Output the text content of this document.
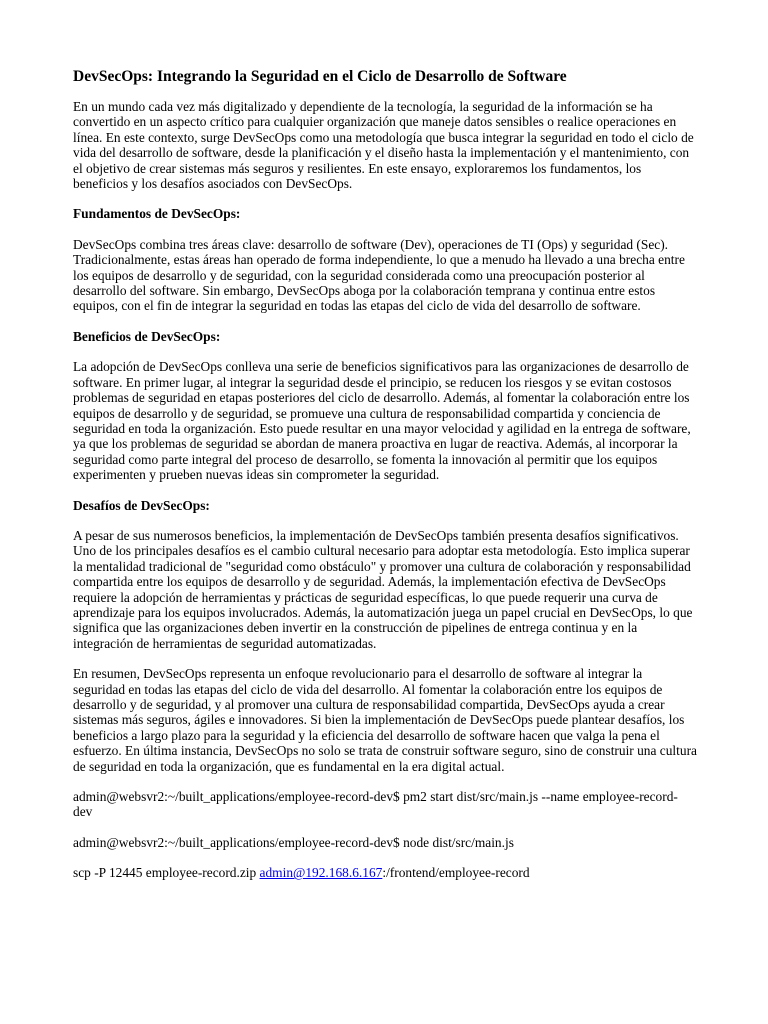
DevSecOps: Integrando la Seguridad en el Ciclo de Desarrollo de Software

En un mundo cada vez más digitalizado y dependiente de la tecnología, la seguridad de la información se ha convertido en un aspecto crítico para cualquier organización que maneje datos sensibles o realice operaciones en línea. En este contexto, surge DevSecOps como una metodología que busca integrar la seguridad en todo el ciclo de vida del desarrollo de software, desde la planificación y el diseño hasta la implementación y el mantenimiento, con el objetivo de crear sistemas más seguros y resilientes. En este ensayo, exploraremos los fundamentos, los beneficios y los desafíos asociados con DevSecOps.

Fundamentos de DevSecOps:

DevSecOps combina tres áreas clave: desarrollo de software (Dev), operaciones de TI (Ops) y seguridad (Sec). Tradicionalmente, estas áreas han operado de forma independiente, lo que a menudo ha llevado a una brecha entre los equipos de desarrollo y de seguridad, con la seguridad considerada como una preocupación posterior al desarrollo del software. Sin embargo, DevSecOps aboga por la colaboración temprana y continua entre estos equipos, con el fin de integrar la seguridad en todas las etapas del ciclo de vida del desarrollo de software.

Beneficios de DevSecOps:

La adopción de DevSecOps conlleva una serie de beneficios significativos para las organizaciones de desarrollo de software. En primer lugar, al integrar la seguridad desde el principio, se reducen los riesgos y se evitan costosos problemas de seguridad en etapas posteriores del ciclo de desarrollo. Además, al fomentar la colaboración entre los equipos de desarrollo y de seguridad, se promueve una cultura de responsabilidad compartida y conciencia de seguridad en toda la organización. Esto puede resultar en una mayor velocidad y agilidad en la entrega de software, ya que los problemas de seguridad se abordan de manera proactiva en lugar de reactiva. Además, al incorporar la seguridad como parte integral del proceso de desarrollo, se fomenta la innovación al permitir que los equipos experimenten y prueben nuevas ideas sin comprometer la seguridad.

Desafíos de DevSecOps:

A pesar de sus numerosos beneficios, la implementación de DevSecOps también presenta desafíos significativos. Uno de los principales desafíos es el cambio cultural necesario para adoptar esta metodología. Esto implica superar la mentalidad tradicional de "seguridad como obstáculo" y promover una cultura de colaboración y responsabilidad compartida entre los equipos de desarrollo y de seguridad. Además, la implementación efectiva de DevSecOps requiere la adopción de herramientas y prácticas de seguridad específicas, lo que puede requerir una curva de aprendizaje para los equipos involucrados. Además, la automatización juega un papel crucial en DevSecOps, lo que significa que las organizaciones deben invertir en la construcción de pipelines de entrega continua y en la integración de herramientas de seguridad automatizadas.

En resumen, DevSecOps representa un enfoque revolucionario para el desarrollo de software al integrar la seguridad en todas las etapas del ciclo de vida del desarrollo. Al fomentar la colaboración entre los equipos de desarrollo y de seguridad, y al promover una cultura de responsabilidad compartida, DevSecOps ayuda a crear sistemas más seguros, ágiles e innovadores. Si bien la implementación de DevSecOps puede plantear desafíos, los beneficios a largo plazo para la seguridad y la eficiencia del desarrollo de software hacen que valga la pena el esfuerzo. En última instancia, DevSecOps no solo se trata de construir software seguro, sino de construir una cultura de seguridad en toda la organización, que es fundamental en la era digital actual.

admin@websvr2:~/built_applications/employee-record-dev$ pm2 start dist/src/main.js --name employee-record-dev

admin@websvr2:~/built_applications/employee-record-dev$ node dist/src/main.js

scp -P 12445 employee-record.zip admin@192.168.6.167:/frontend/employee-record
